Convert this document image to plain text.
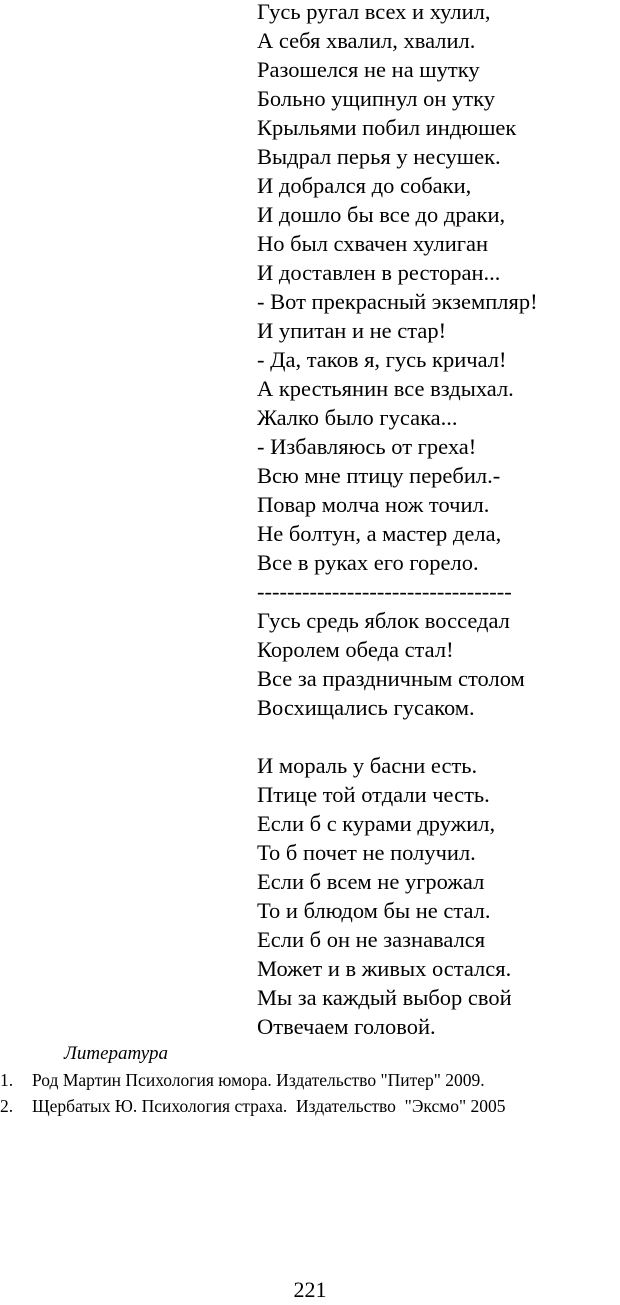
Гусь ругал всех и хулил,
А себя хвалил, хвалил.
Разошелся не на шутку
Больно ущипнул он утку
Крыльями побил индюшек
Выдрал перья у несушек.
И добрался до собаки,
И дошло бы все до драки,
Но был схвачен хулиган
И доставлен в ресторан...
- Вот прекрасный экземпляр!
И упитан и не стар!
- Да, таков я, гусь кричал!
А крестьянин все вздыхал.
Жалко было гусака...
- Избавляюсь от греха!
Всю мне птицу перебил.-
Повар молча нож точил.
Не болтун, а мастер дела,
Все в руках его горело.
----------------------------------
Гусь средь яблок восседал
Королем обеда стал!
Все за праздничным столом
Восхищались гусаком.
И мораль у басни есть.
Птице той отдали честь.
Если б с курами дружил,
То б почет не получил.
Если б всем не угрожал
То и блюдом бы не стал.
Если б он не зазнавался
Может и в живых остался.
Мы за каждый выбор свой
Отвечаем головой.
Литература
1.	Род Мартин Психология юмора. Издательство "Питер" 2009.
2.	Щербатых Ю. Психология страха.  Издательство  "Эксмо" 2005
221
